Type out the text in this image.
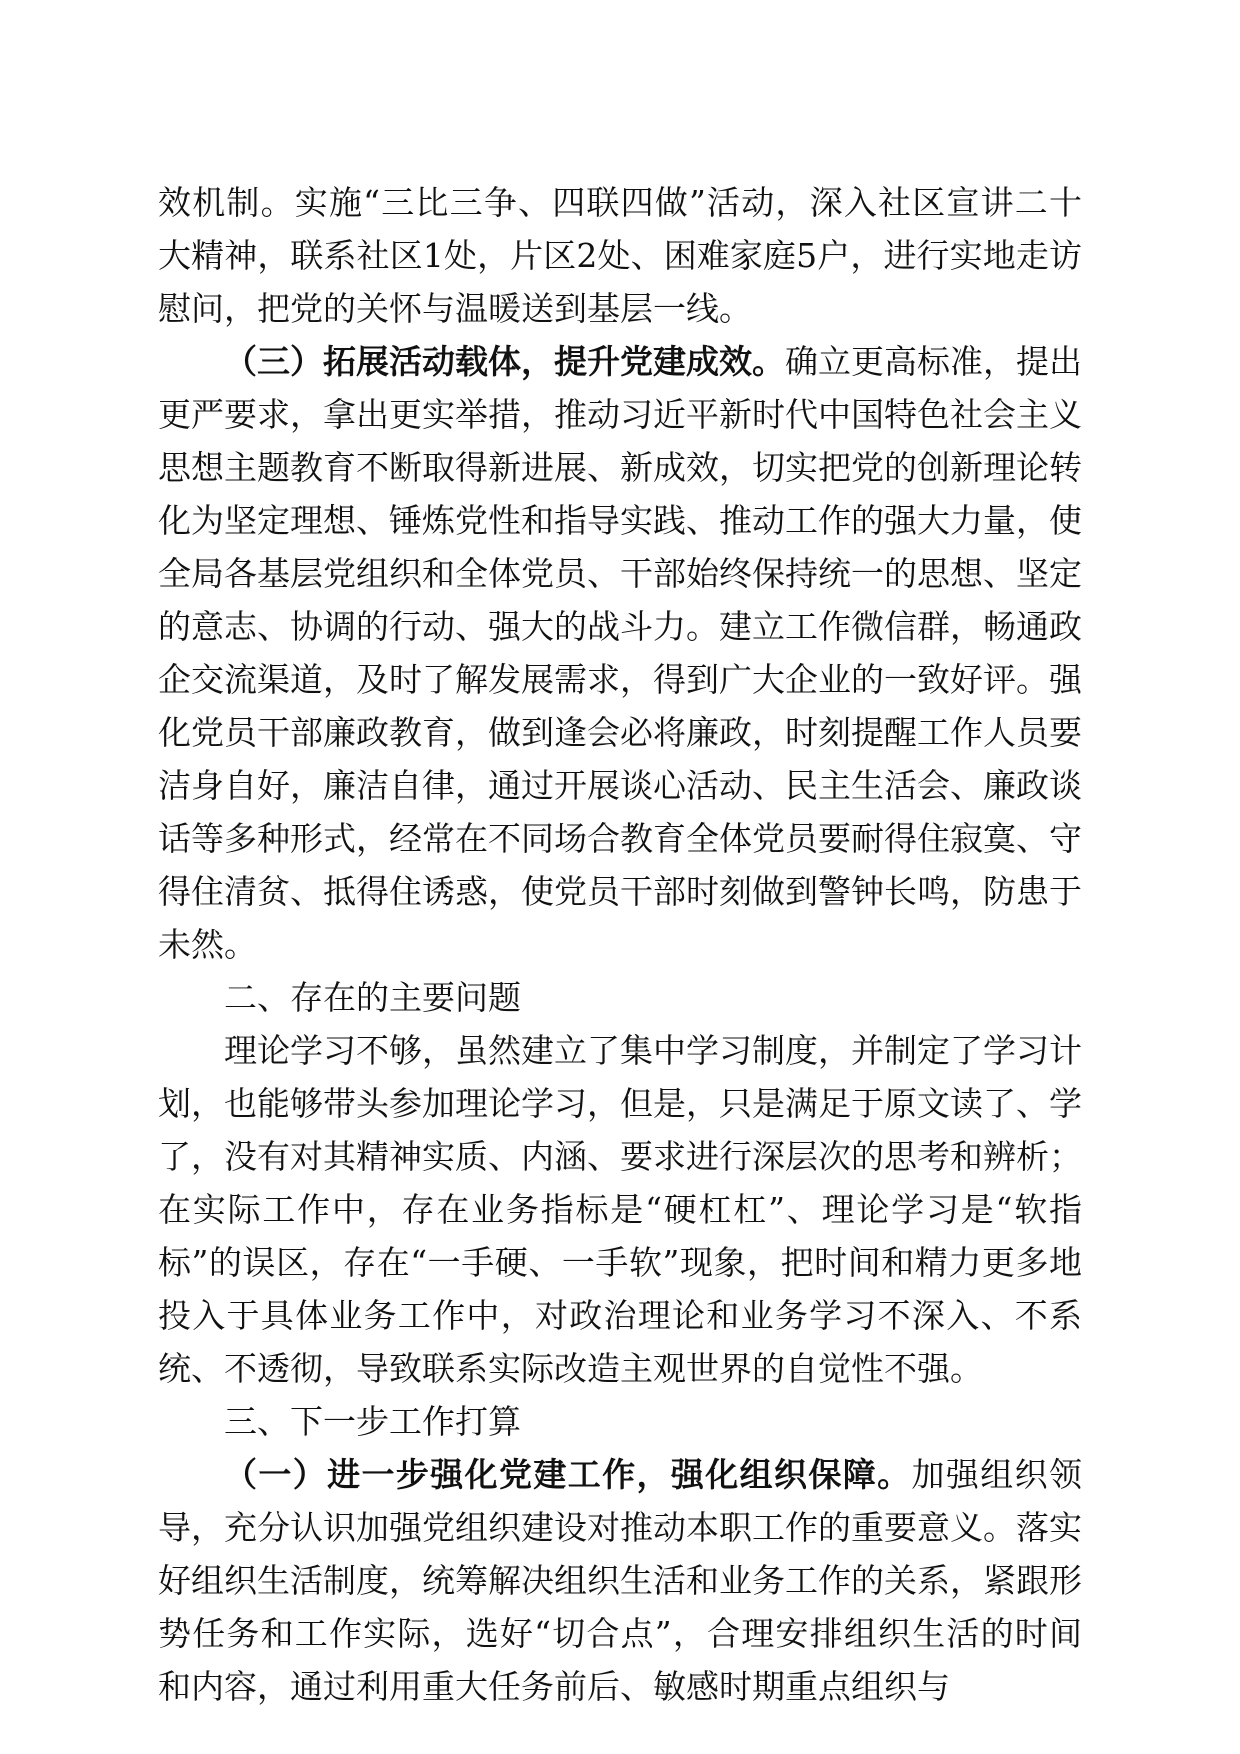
效机制。实施“三比三争、四联四做”活动，深入社区宣讲二十大精神，联系社区1处，片区2处、困难家庭5户，进行实地走访慰问，把党的关怀与温暖送到基层一线。

（三）拓展活动载体，提升党建成效。确立更高标准，提出更严要求，拿出更实举措，推动习近平新时代中国特色社会主义思想主题教育不断取得新进展、新成效，切实把党的创新理论转化为坚定理想、锤炼党性和指导实践、推动工作的强大力量，使全局各基层党组织和全体党员、干部始终保持统一的思想、坚定的意志、协调的行动、强大的战斗力。建立工作微信群，畅通政企交流渠道，及时了解发展需求，得到广大企业的一致好评。强化党员干部廉政教育，做到逢会必将廉政，时刻提醒工作人员要洁身自好，廉洁自律，通过开展谈心活动、民主生活会、廉政谈话等多种形式，经常在不同场合教育全体党员要耐得住寂寞、守得住清贫、抵得住诱惑，使党员干部时刻做到警钟长鸣，防患于未然。

二、存在的主要问题

理论学习不够，虽然建立了集中学习制度，并制定了学习计划，也能够带头参加理论学习，但是，只是满足于原文读了、学了，没有对其精神实质、内涵、要求进行深层次的思考和辨析；在实际工作中，存在业务指标是“硬杠杠”、理论学习是“软指标”的误区，存在“一手硬、一手软”现象，把时间和精力更多地投入于具体业务工作中，对政治理论和业务学习不深入、不系统、不透彻，导致联系实际改造主观世界的自觉性不强。

三、下一步工作打算

（一）进一步强化党建工作，强化组织保障。加强组织领导，充分认识加强党组织建设对推动本职工作的重要意义。落实好组织生活制度，统筹解决组织生活和业务工作的关系，紧跟形势任务和工作实际，选好“切合点”，合理安排组织生活的时间和内容，通过利用重大任务前后、敏感时期重点组织与
